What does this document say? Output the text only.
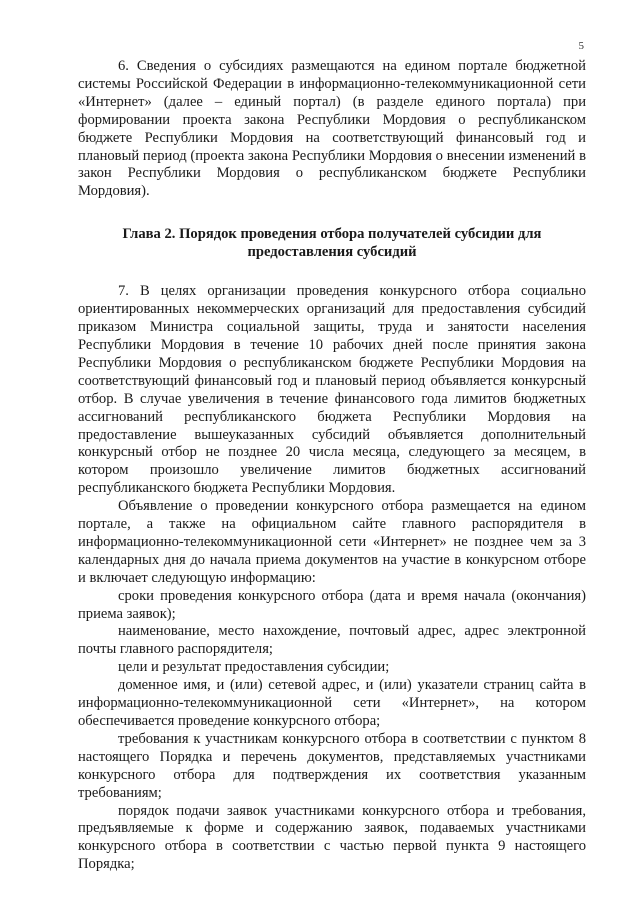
5

6. Сведения о субсидиях размещаются на едином портале бюджетной системы Российской Федерации в информационно-телекоммуникационной сети «Интернет» (далее – единый портал) (в разделе единого портала) при формировании проекта закона Республики Мордовия о республиканском бюджете Республики Мордовия на соответствующий финансовый год и плановый период (проекта закона Республики Мордовия о внесении изменений в закон Республики Мордовия о республиканском бюджете Республики Мордовия).

Глава 2. Порядок проведения отбора получателей субсидии для предоставления субсидий

7. В целях организации проведения конкурсного отбора социально ориентированных некоммерческих организаций для предоставления субсидий приказом Министра социальной защиты, труда и занятости населения Республики Мордовия в течение 10 рабочих дней после принятия закона Республики Мордовия о республиканском бюджете Республики Мордовия на соответствующий финансовый год и плановый период объявляется конкурсный отбор. В случае увеличения в течение финансового года лимитов бюджетных ассигнований республиканского бюджета Республики Мордовия на предоставление вышеуказанных субсидий объявляется дополнительный конкурсный отбор не позднее 20 числа месяца, следующего за месяцем, в котором произошло увеличение лимитов бюджетных ассигнований республиканского бюджета Республики Мордовия.

Объявление о проведении конкурсного отбора размещается на едином портале, а также на официальном сайте главного распорядителя в информационно-телекоммуникационной сети «Интернет» не позднее чем за 3 календарных дня до начала приема документов на участие в конкурсном отборе и включает следующую информацию:

сроки проведения конкурсного отбора (дата и время начала (окончания) приема заявок);

наименование, место нахождение, почтовый адрес, адрес электронной почты главного распорядителя;

цели и результат предоставления субсидии;

доменное имя, и (или) сетевой адрес, и (или) указатели страниц сайта в информационно-телекоммуникационной сети «Интернет», на котором обеспечивается проведение конкурсного отбора;

требования к участникам конкурсного отбора в соответствии с пунктом 8 настоящего Порядка и перечень документов, представляемых участниками конкурсного отбора для подтверждения их соответствия указанным требованиям;

порядок подачи заявок участниками конкурсного отбора и требования, предъявляемые к форме и содержанию заявок, подаваемых участниками конкурсного отбора в соответствии с частью первой пункта 9 настоящего Порядка;
